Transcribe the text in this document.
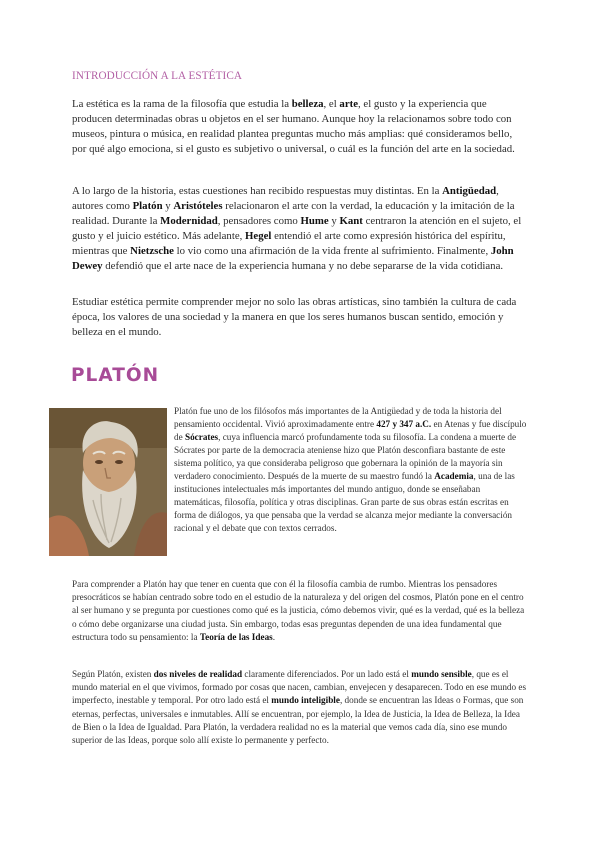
INTRODUCCIÓN A LA ESTÉTICA

La estética es la rama de la filosofía que estudia la belleza, el arte, el gusto y la experiencia que producen determinadas obras u objetos en el ser humano. Aunque hoy la relacionamos sobre todo con museos, pintura o música, en realidad plantea preguntas mucho más amplias: qué consideramos bello, por qué algo emociona, si el gusto es subjetivo o universal, o cuál es la función del arte en la sociedad.

A lo largo de la historia, estas cuestiones han recibido respuestas muy distintas. En la Antigüedad, autores como Platón y Aristóteles relacionaron el arte con la verdad, la educación y la imitación de la realidad. Durante la Modernidad, pensadores como Hume y Kant centraron la atención en el sujeto, el gusto y el juicio estético. Más adelante, Hegel entendió el arte como expresión histórica del espíritu, mientras que Nietzsche lo vio como una afirmación de la vida frente al sufrimiento. Finalmente, John Dewey defendió que el arte nace de la experiencia humana y no debe separarse de la vida cotidiana.

Estudiar estética permite comprender mejor no solo las obras artísticas, sino también la cultura de cada época, los valores de una sociedad y la manera en que los seres humanos buscan sentido, emoción y belleza en el mundo.

PLATÓN

Platón fue uno de los filósofos más importantes de la Antigüedad y de toda la historia del pensamiento occidental. Vivió aproximadamente entre 427 y 347 a.C. en Atenas y fue discípulo de Sócrates, cuya influencia marcó profundamente toda su filosofía. La condena a muerte de Sócrates por parte de la democracia ateniense hizo que Platón desconfiara bastante de este sistema político, ya que consideraba peligroso que gobernara la opinión de la mayoría sin verdadero conocimiento. Después de la muerte de su maestro fundó la Academia, una de las instituciones intelectuales más importantes del mundo antiguo, donde se enseñaban matemáticas, filosofía, política y otras disciplinas. Gran parte de sus obras están escritas en forma de diálogos, ya que pensaba que la verdad se alcanza mejor mediante la conversación racional y el debate que con textos cerrados.

Para comprender a Platón hay que tener en cuenta que con él la filosofía cambia de rumbo. Mientras los pensadores presocráticos se habían centrado sobre todo en el estudio de la naturaleza y del origen del cosmos, Platón pone en el centro al ser humano y se pregunta por cuestiones como qué es la justicia, cómo debemos vivir, qué es la verdad, qué es la belleza o cómo debe organizarse una ciudad justa. Sin embargo, todas esas preguntas dependen de una idea fundamental que estructura todo su pensamiento: la Teoría de las Ideas.

Según Platón, existen dos niveles de realidad claramente diferenciados. Por un lado está el mundo sensible, que es el mundo material en el que vivimos, formado por cosas que nacen, cambian, envejecen y desaparecen. Todo en ese mundo es imperfecto, inestable y temporal. Por otro lado está el mundo inteligible, donde se encuentran las Ideas o Formas, que son eternas, perfectas, universales e inmutables. Allí se encuentran, por ejemplo, la Idea de Justicia, la Idea de Belleza, la Idea de Bien o la Idea de Igualdad. Para Platón, la verdadera realidad no es la material que vemos cada día, sino ese mundo superior de las Ideas, porque solo allí existe lo permanente y perfecto.
